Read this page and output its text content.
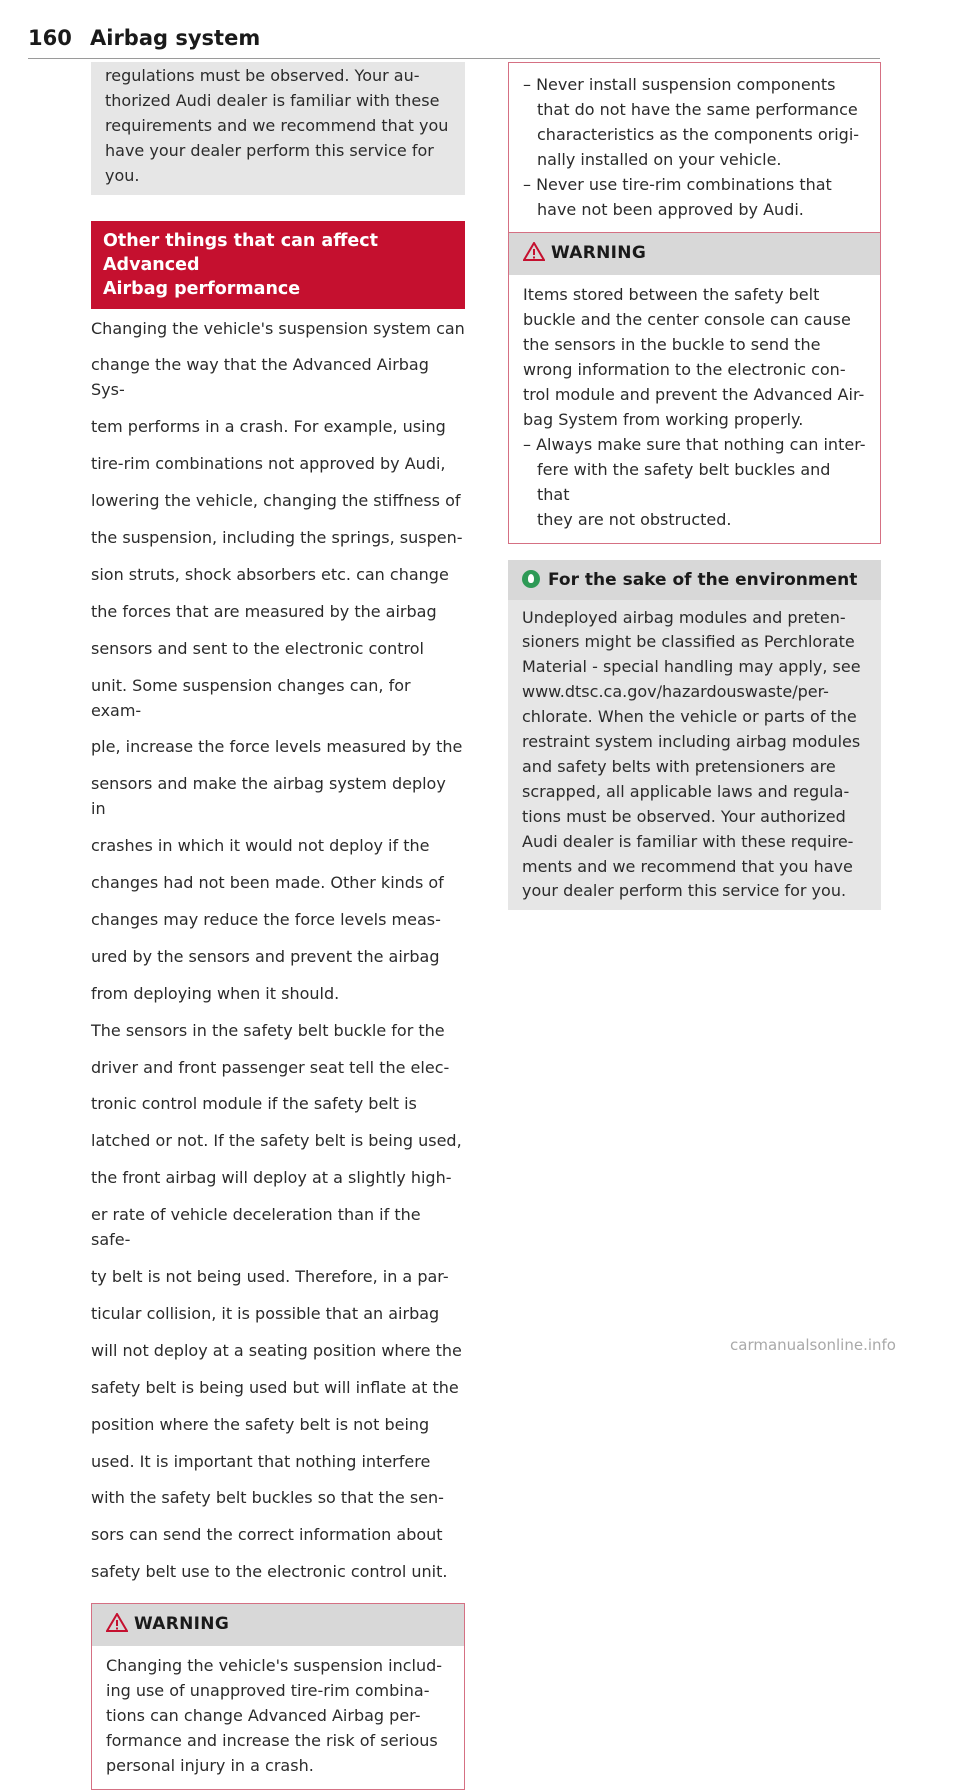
160 Airbag system

regulations must be observed. Your au-

thorized Audi dealer is familiar with these

requirements and we recommend that you

have your dealer perform this service for

you.

Other things that can affect Advanced
Airbag performance

Changing the vehicle's suspension system can

change the way that the Advanced Airbag Sys-

tem performs in a crash. For example, using

tire-rim combinations not approved by Audi,

lowering the vehicle, changing the stiffness of

the suspension, including the springs, suspen-

sion struts, shock absorbers etc. can change

the forces that are measured by the airbag

sensors and sent to the electronic control

unit. Some suspension changes can, for exam-

ple, increase the force levels measured by the

sensors and make the airbag system deploy in

crashes in which it would not deploy if the

changes had not been made. Other kinds of

changes may reduce the force levels meas-

ured by the sensors and prevent the airbag

from deploying when it should.

The sensors in the safety belt buckle for the

driver and front passenger seat tell the elec-

tronic control module if the safety belt is

latched or not. If the safety belt is being used,

the front airbag will deploy at a slightly high-

er rate of vehicle deceleration than if the safe-

ty belt is not being used. Therefore, in a par-

ticular collision, it is possible that an airbag

will not deploy at a seating position where the

safety belt is being used but will inflate at the

position where the safety belt is not being

used. It is important that nothing interfere

with the safety belt buckles so that the sen-

sors can send the correct information about

safety belt use to the electronic control unit.

WARNING

Changing the vehicle's suspension includ-

ing use of unapproved tire-rim combina-

tions can change Advanced Airbag per-

formance and increase the risk of serious

personal injury in a crash.

– Never install suspension components

that do not have the same performance

characteristics as the components origi-

nally installed on your vehicle.

– Never use tire-rim combinations that

have not been approved by Audi.

WARNING

Items stored between the safety belt

buckle and the center console can cause

the sensors in the buckle to send the

wrong information to the electronic con-

trol module and prevent the Advanced Air-

bag System from working properly.

– Always make sure that nothing can inter-

fere with the safety belt buckles and that

they are not obstructed.

For the sake of the environment

Undeployed airbag modules and preten-

sioners might be classified as Perchlorate

Material - special handling may apply, see

www.dtsc.ca.gov/hazardouswaste/per-

chlorate. When the vehicle or parts of the

restraint system including airbag modules

and safety belts with pretensioners are

scrapped, all applicable laws and regula-

tions must be observed. Your authorized

Audi dealer is familiar with these require-

ments and we recommend that you have

your dealer perform this service for you.

carmanualsonline.info
